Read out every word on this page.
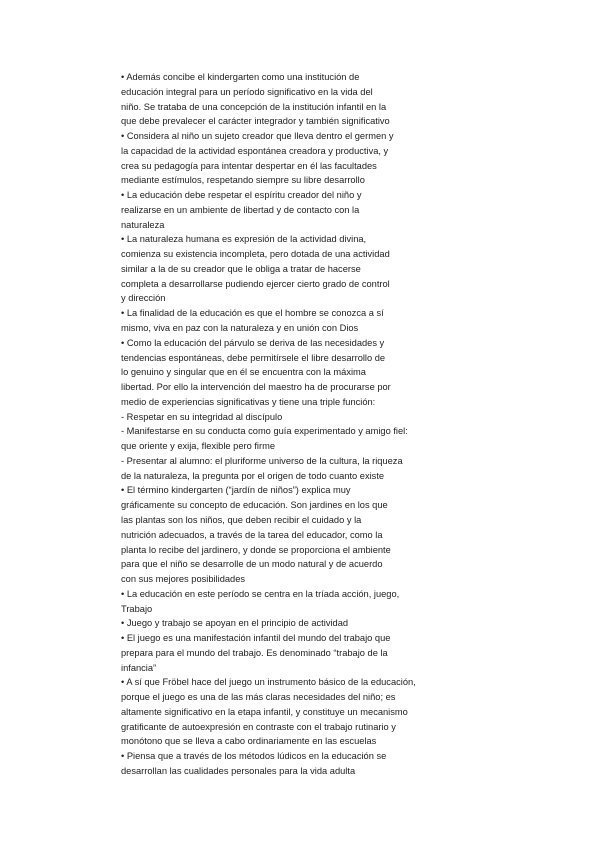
• Además concibe el kindergarten como una institución de
educación integral para un período significativo en la vida del
niño. Se trataba de una concepción de la institución infantil en la
que debe prevalecer el carácter integrador y también significativo
• Considera al niño un sujeto creador que lleva dentro el germen y
la capacidad de la actividad espontánea creadora y productiva, y
crea su pedagogía para intentar despertar en él las facultades
mediante estímulos, respetando siempre su libre desarrollo
• La educación debe respetar el espíritu creador del niño y
realizarse en un ambiente de libertad y de contacto con la
naturaleza
• La naturaleza humana es expresión de la actividad divina,
comienza su existencia incompleta, pero dotada de una actividad
similar a la de su creador que le obliga a tratar de hacerse
completa a desarrollarse pudiendo ejercer cierto grado de control
y dirección
• La finalidad de la educación es que el hombre se conozca a sí
mismo, viva en paz con la naturaleza y en unión con Dios
• Como la educación del párvulo se deriva de las necesidades y
tendencias espontáneas, debe permitírsele el libre desarrollo de
lo genuino y singular que en él se encuentra con la máxima
libertad. Por ello la intervención del maestro ha de procurarse por
medio de experiencias significativas y tiene una triple función:
- Respetar en su integridad al discípulo
- Manifestarse en su conducta como guía experimentado y amigo fiel:
que oriente y exija, flexible pero firme
- Presentar al alumno: el pluriforme universo de la cultura, la riqueza
de la naturaleza, la pregunta por el origen de todo cuanto existe
• El término kindergarten (“jardín de niños”) explica muy
gráficamente su concepto de educación. Son jardines en los que
las plantas son los niños, que deben recibir el cuidado y la
nutrición adecuados, a través de la tarea del educador, como la
planta lo recibe del jardinero, y donde se proporciona el ambiente
para que el niño se desarrolle de un modo natural y de acuerdo
con sus mejores posibilidades
• La educación en este período se centra en la tríada acción, juego,
Trabajo
• Juego y trabajo se apoyan en el principio de actividad
• El juego es una manifestación infantil del mundo del trabajo que
prepara para el mundo del trabajo. Es denominado “trabajo de la
infancia”
• A sí que Fröbel hace del juego un instrumento básico de la educación,
porque el juego es una de las más claras necesidades del niño; es
altamente significativo en la etapa infantil, y constituye un mecanismo
gratificante de autoexpresión en contraste con el trabajo rutinario y
monótono que se lleva a cabo ordinariamente en las escuelas
• Piensa que a través de los métodos lúdicos en la educación se
desarrollan las cualidades personales para la vida adulta
